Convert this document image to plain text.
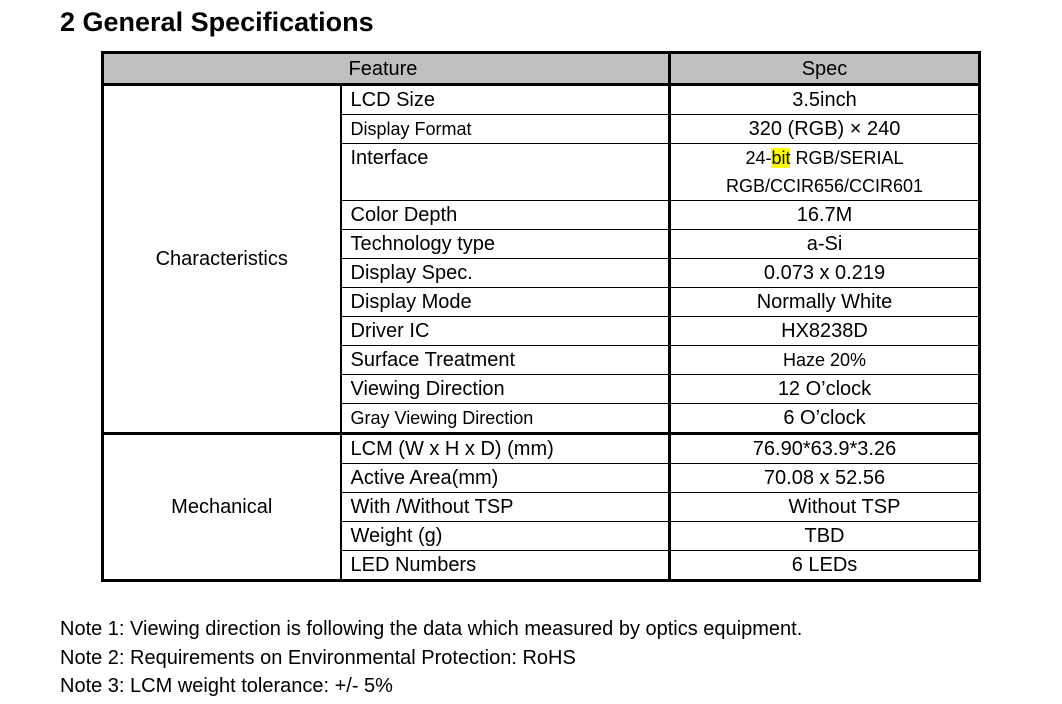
2 General Specifications
	Feature	Spec
Characteristics	LCD Size	3.5inch
	Display Format	320 (RGB) × 240
	Interface	24-bit RGB/SERIAL
		RGB/CCIR656/CCIR601
	Color Depth	16.7M
	Technology type	a-Si
	Display Spec.	0.073 x 0.219
	Display Mode	Normally White
	Driver IC	HX8238D
	Surface Treatment	Haze 20%
	Viewing Direction	12 O’clock
	Gray Viewing Direction	6 O’clock
Mechanical	LCM (W x H x D) (mm)	76.90*63.9*3.26
	Active Area(mm)	70.08 x 52.56
	With /Without TSP	Without TSP
	Weight (g)	TBD
	LED Numbers	6 LEDs
Note 1: Viewing direction is following the data which measured by optics equipment.
Note 2: Requirements on Environmental Protection: RoHS
Note 3: LCM weight tolerance: +/- 5%
